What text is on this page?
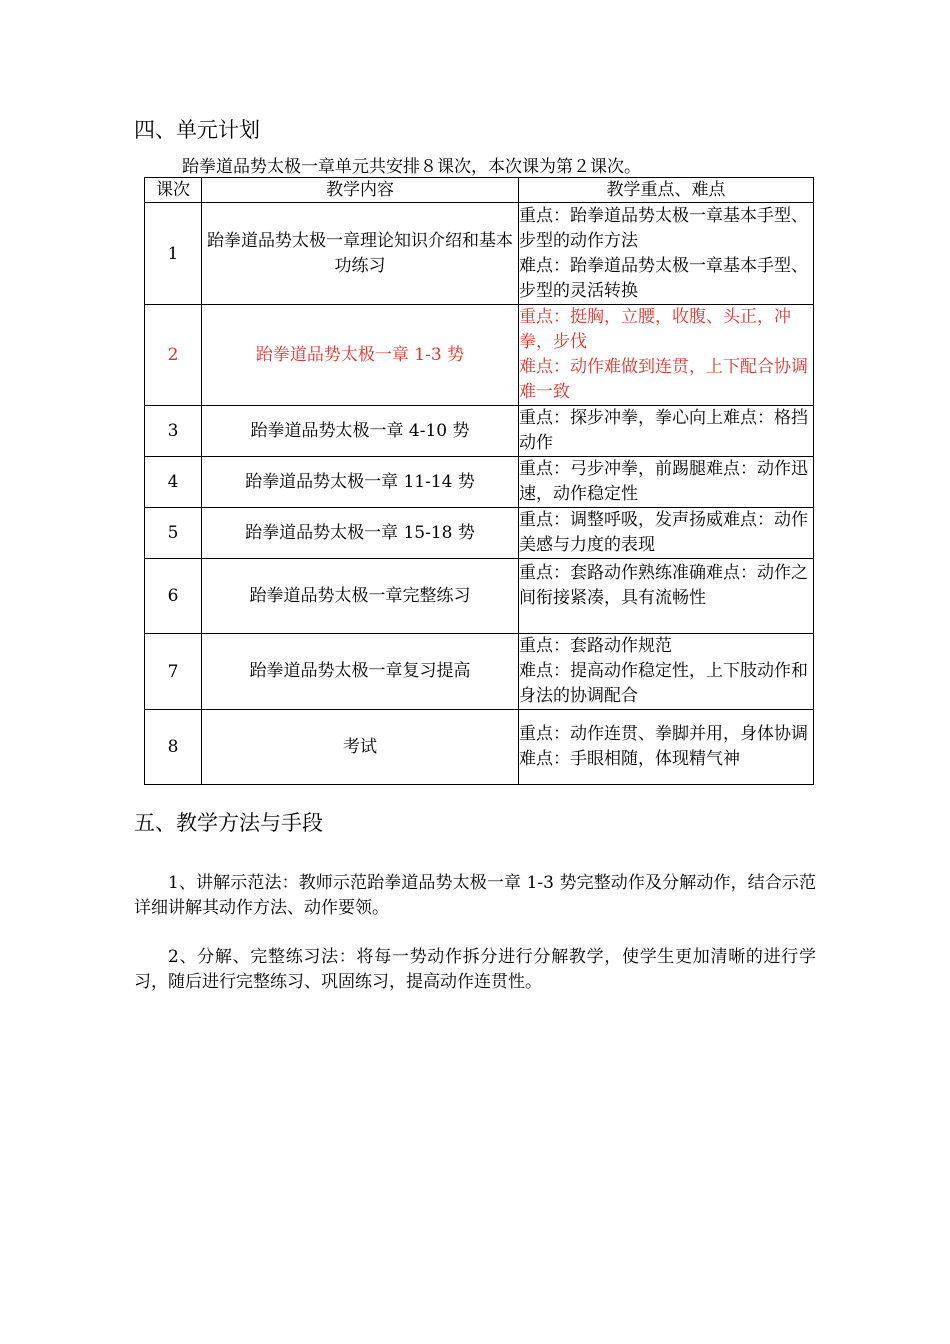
四、单元计划

跆拳道品势太极一章单元共安排８课次，本次课为第２课次。

课次	教学内容	教学重点、难点
1	跆拳道品势太极一章理论知识介绍和基本功练习	重点：跆拳道品势太极一章基本手型、步型的动作方法
难点：跆拳道品势太极一章基本手型、步型的灵活转换

2	跆拳道品势太极一章 1-3 势	重点：挺胸，立腰，收腹、头正，冲拳，步伐
难点：动作难做到连贯，上下配合协调难一致

3	跆拳道品势太极一章 4-10 势	重点：探步冲拳，拳心向上难点：格挡动作

4	跆拳道品势太极一章 11-14 势	重点：弓步冲拳，前踢腿难点：动作迅速，动作稳定性

5	跆拳道品势太极一章 15-18 势	重点：调整呼吸，发声扬威难点：动作美感与力度的表现

6	跆拳道品势太极一章完整练习	重点：套路动作熟练准确难点：动作之间衔接紧凑，具有流畅性

7	跆拳道品势太极一章复习提高	重点：套路动作规范
难点：提高动作稳定性，上下肢动作和身法的协调配合

8	考试	重点：动作连贯、拳脚并用，身体协调
难点：手眼相随，体现精气神
五、教学方法与手段

1、讲解示范法：教师示范跆拳道品势太极一章 1-3 势完整动作及分解动作，结合示范详细讲解其动作方法、动作要领。

2、分解、完整练习法：将每一势动作拆分进行分解教学，使学生更加清晰的进行学习，随后进行完整练习、巩固练习，提高动作连贯性。
